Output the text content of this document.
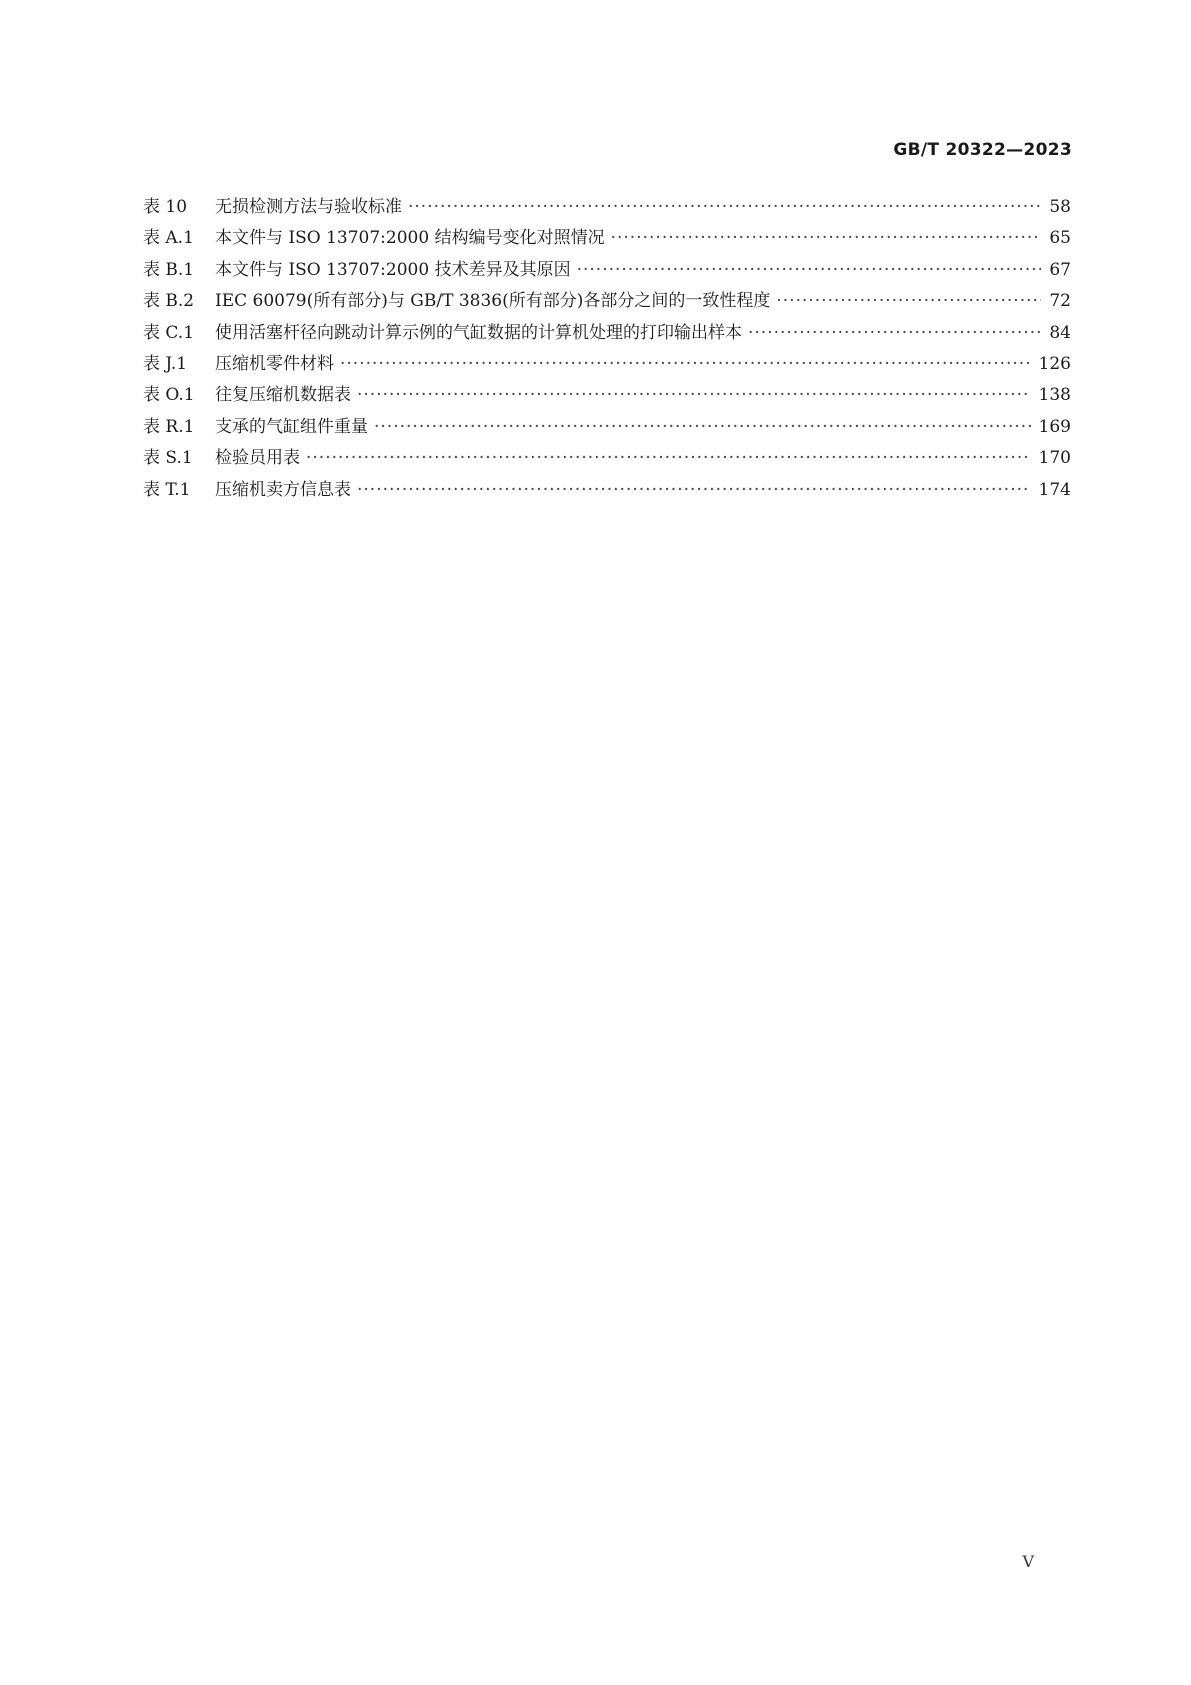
GB/T 20322—2023
表 10	无损检测方法与验收标准 ·····	58
表 A.1	本文件与 ISO 13707:2000 结构编号变化对照情况 ·····	65
表 B.1	本文件与 ISO 13707:2000 技术差异及其原因 ·····	67
表 B.2	IEC 60079(所有部分)与 GB/T 3836(所有部分)各部分之间的一致性程度 ·····	72
表 C.1	使用活塞杆径向跳动计算示例的气缸数据的计算机处理的打印输出样本 ·····	84
表 J.1	压缩机零件材料 ·····	126
表 O.1	往复压缩机数据表 ·····	138
表 R.1	支承的气缸组件重量 ·····	169
表 S.1	检验员用表 ·····	170
表 T.1	压缩机卖方信息表 ·····	174
V
